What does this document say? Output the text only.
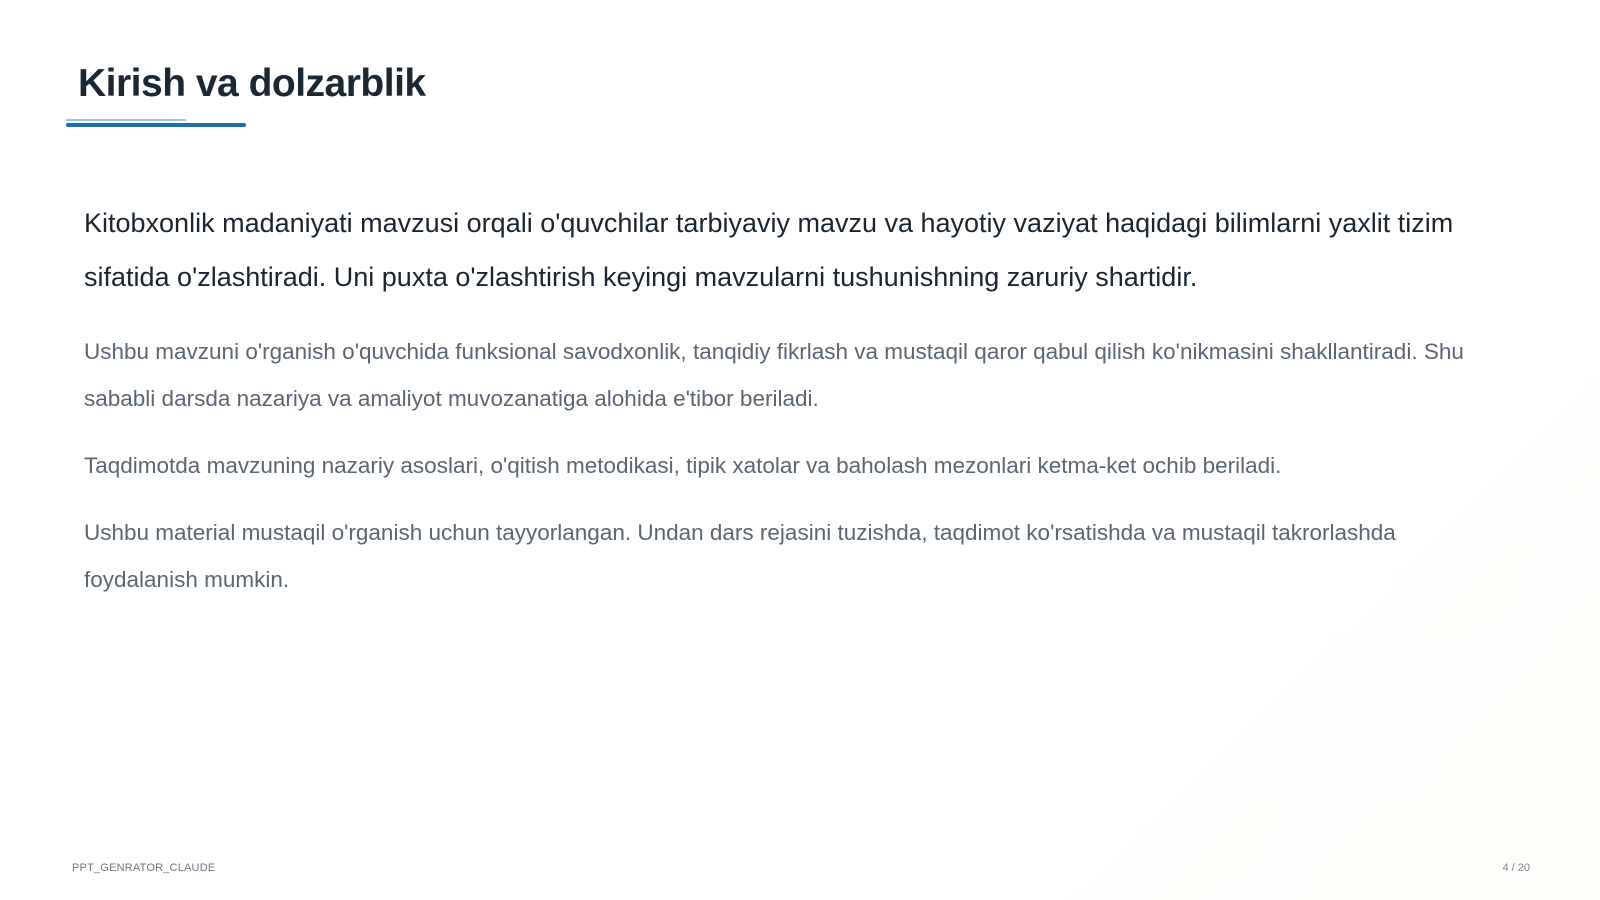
Kirish va dolzarblik

Kitobxonlik madaniyati mavzusi orqali o'quvchilar tarbiyaviy mavzu va hayotiy vaziyat haqidagi bilimlarni yaxlit tizim sifatida o'zlashtiradi. Uni puxta o'zlashtirish keyingi mavzularni tushunishning zaruriy shartidir.

Ushbu mavzuni o'rganish o'quvchida funksional savodxonlik, tanqidiy fikrlash va mustaqil qaror qabul qilish ko'nikmasini shakllantiradi. Shu sababli darsda nazariya va amaliyot muvozanatiga alohida e'tibor beriladi.

Taqdimotda mavzuning nazariy asoslari, o'qitish metodikasi, tipik xatolar va baholash mezonlari ketma-ket ochib beriladi.

Ushbu material mustaqil o'rganish uchun tayyorlangan. Undan dars rejasini tuzishda, taqdimot ko'rsatishda va mustaqil takrorlashda foydalanish mumkin.

PPT_GENRATOR_CLAUDE	4 / 20
